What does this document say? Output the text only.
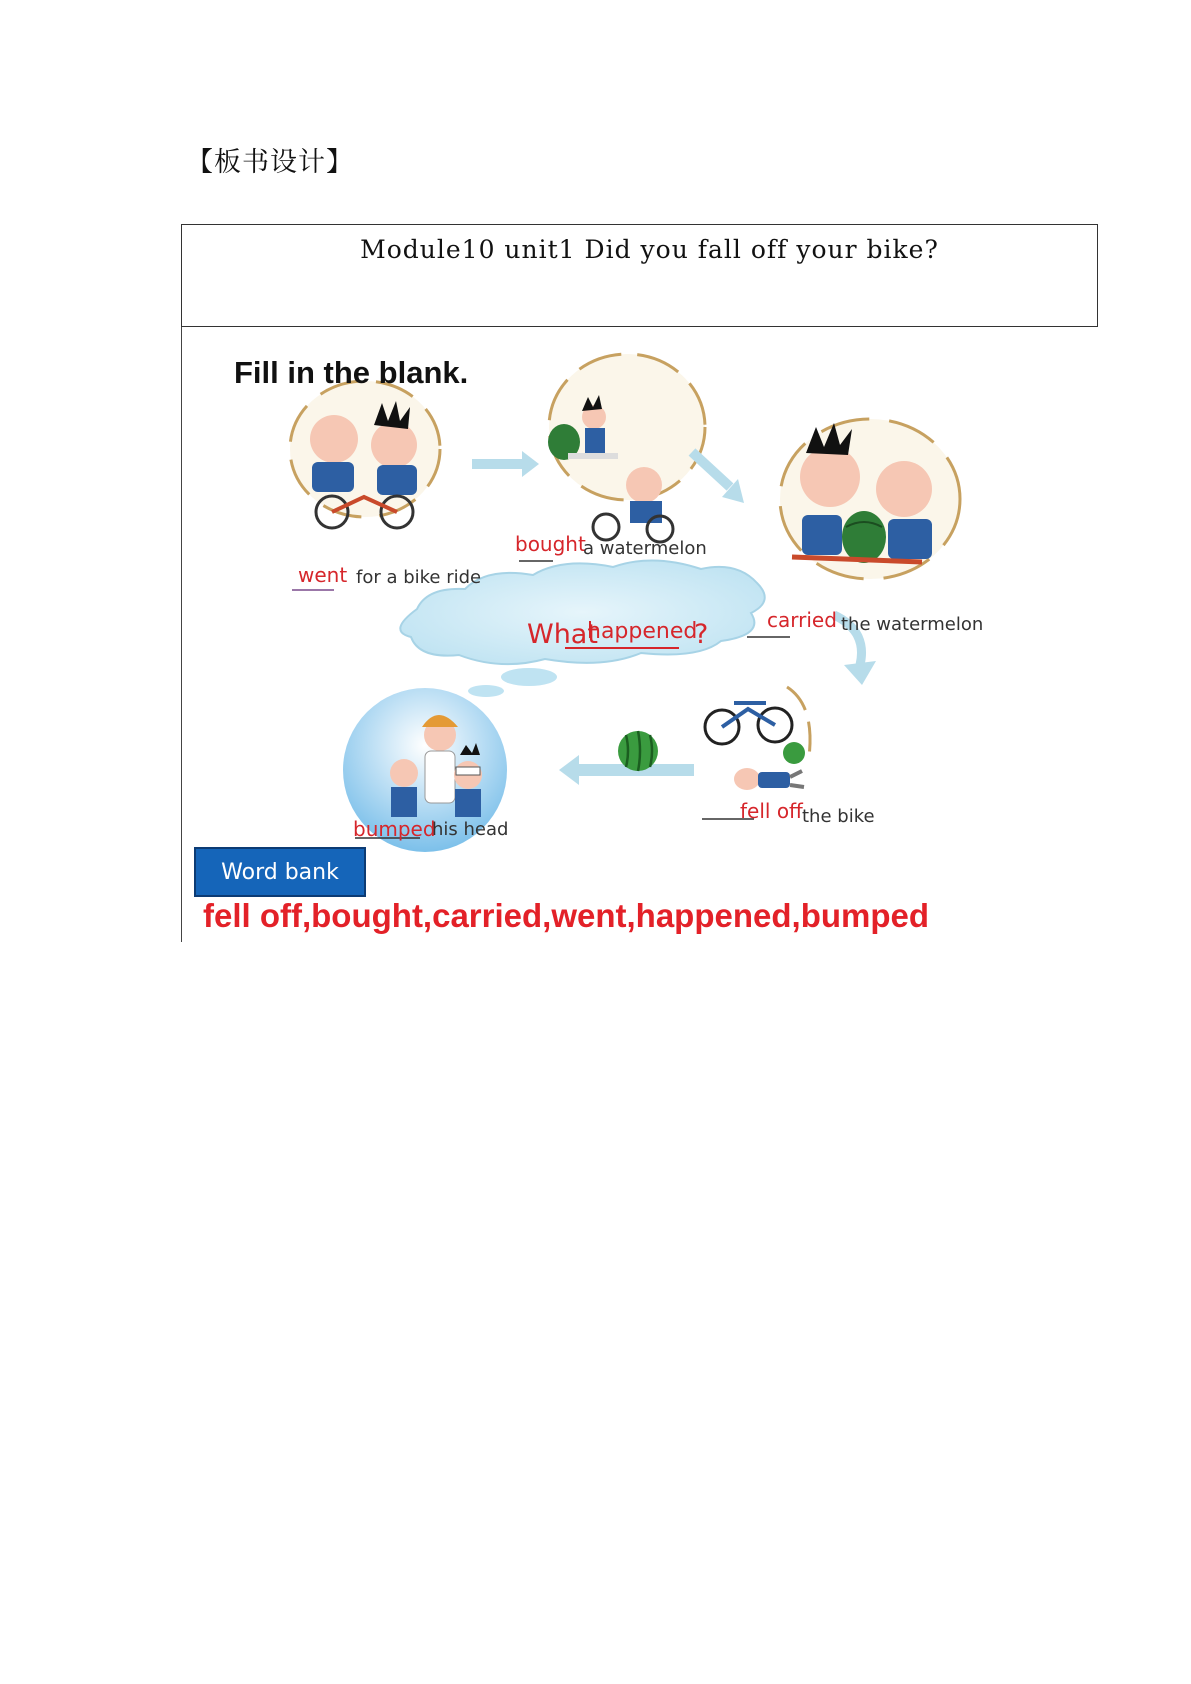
【板书设计】
Module10 unit1 Did you fall off your bike?
Fill in the blank.
went for a bike ride
bought
a watermelon
carried the watermelon
fell off the bike
bumped
his head
What
happened
?
Word bank
fell off,bought,carried,went,happened,bumped
